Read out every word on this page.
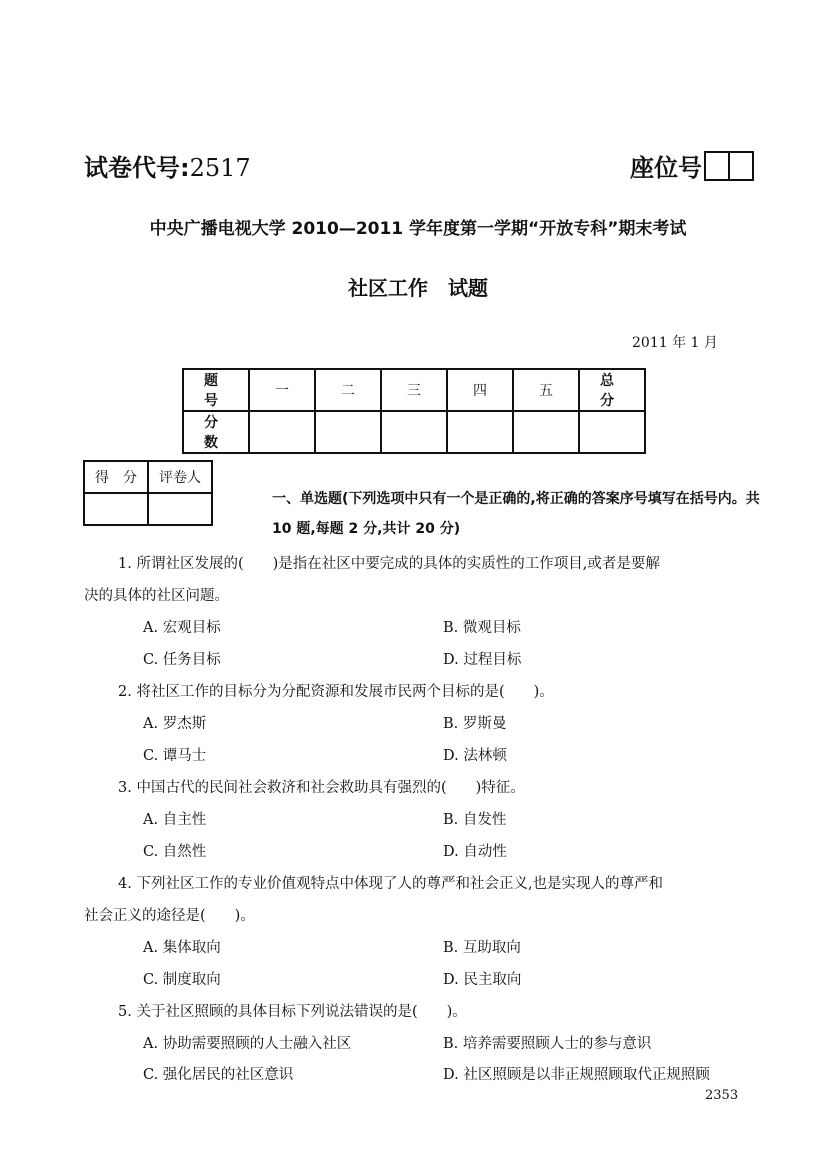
试卷代号:2517	座位号
中央广播电视大学 2010—2011 学年度第一学期“开放专科”期末考试
社区工作　试题
2011 年 1 月
题　号	一	二	三	四	五	总　分
分　数						
得　分	评卷人

一、单选题(下列选项中只有一个是正确的,将正确的答案序号填写在括号内。共 10 题,每题 2 分,共计 20 分)
1. 所谓社区发展的(　　)是指在社区中要完成的具体的实质性的工作项目,或者是要解
决的具体的社区问题。
A. 宏观目标	B. 微观目标
C. 任务目标	D. 过程目标
2. 将社区工作的目标分为分配资源和发展市民两个目标的是(　　)。
A. 罗杰斯	B. 罗斯曼
C. 谭马士	D. 法林顿
3. 中国古代的民间社会救济和社会救助具有强烈的(　　)特征。
A. 自主性	B. 自发性
C. 自然性	D. 自动性
4. 下列社区工作的专业价值观特点中体现了人的尊严和社会正义,也是实现人的尊严和
社会正义的途径是(　　)。
A. 集体取向	B. 互助取向
C. 制度取向	D. 民主取向
5. 关于社区照顾的具体目标下列说法错误的是(　　)。
A. 协助需要照顾的人士融入社区	B. 培养需要照顾人士的参与意识
C. 强化居民的社区意识	D. 社区照顾是以非正规照顾取代正规照顾
2353
